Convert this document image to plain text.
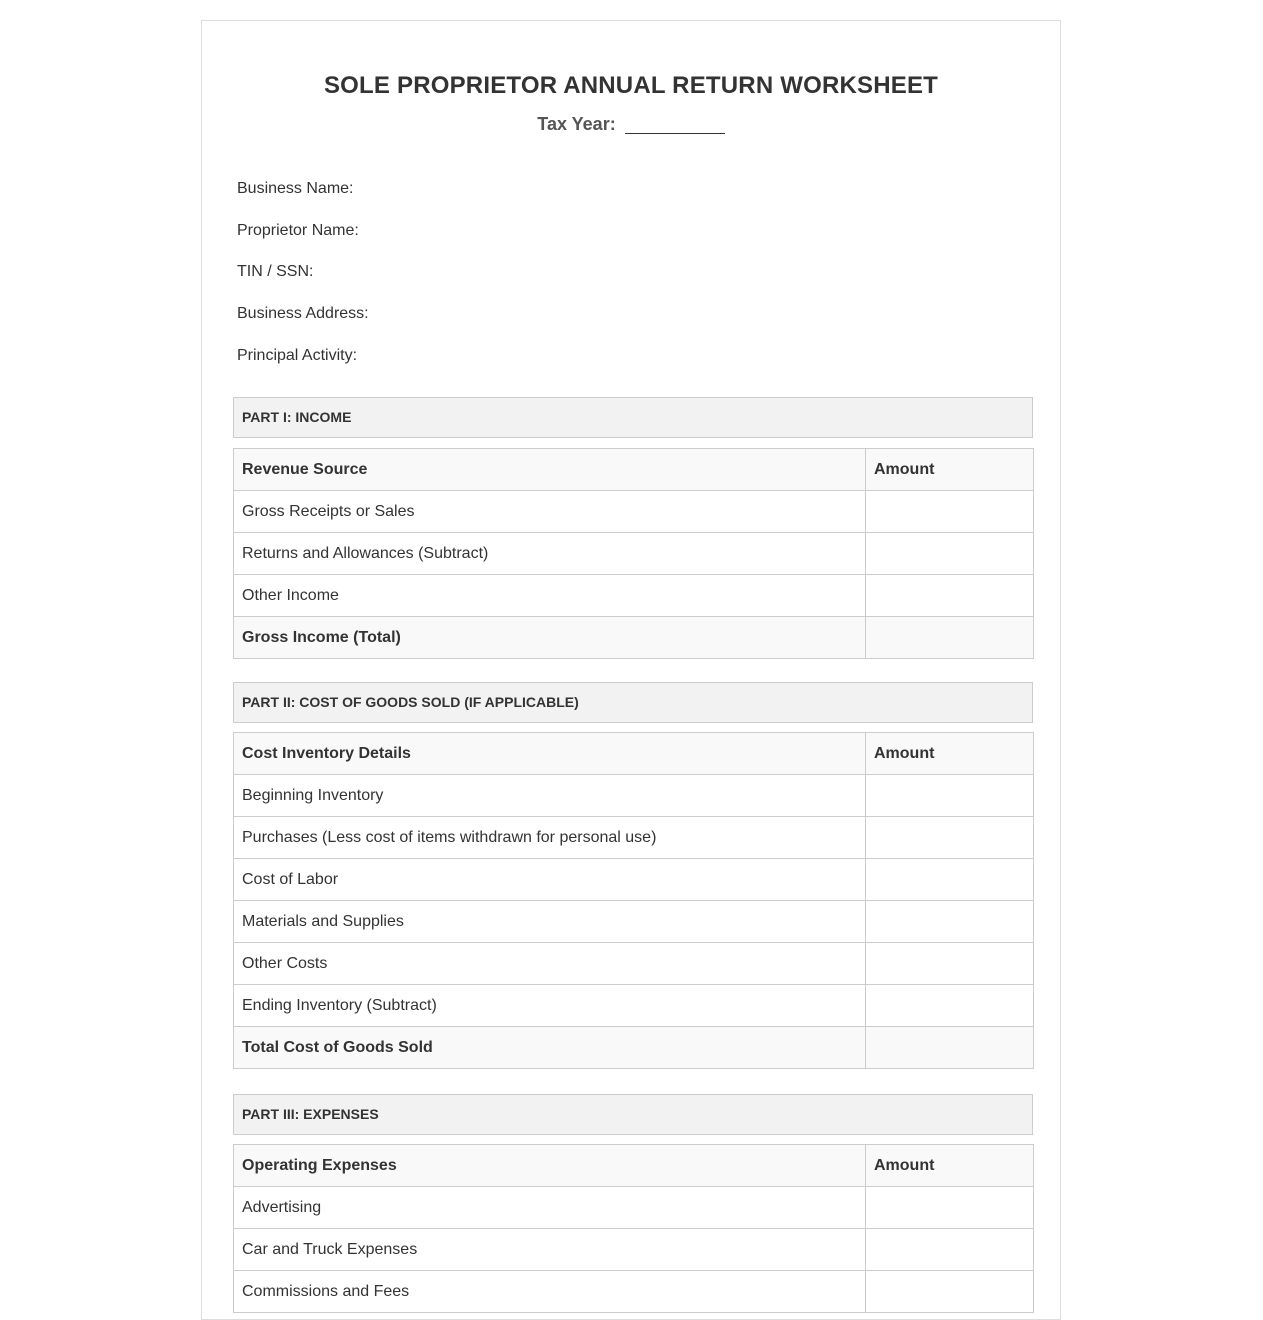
SOLE PROPRIETOR ANNUAL RETURN WORKSHEET
Tax Year:
Business Name:
Proprietor Name:
TIN / SSN:
Business Address:
Principal Activity:
PART I: INCOME
Revenue Source	Amount
Gross Receipts or Sales	
Returns and Allowances (Subtract)	
Other Income	
Gross Income (Total)	
PART II: COST OF GOODS SOLD (IF APPLICABLE)
Cost Inventory Details	Amount
Beginning Inventory	
Purchases (Less cost of items withdrawn for personal use)	
Cost of Labor	
Materials and Supplies	
Other Costs	
Ending Inventory (Subtract)	
Total Cost of Goods Sold	
PART III: EXPENSES
Operating Expenses	Amount
Advertising	
Car and Truck Expenses	
Commissions and Fees	
